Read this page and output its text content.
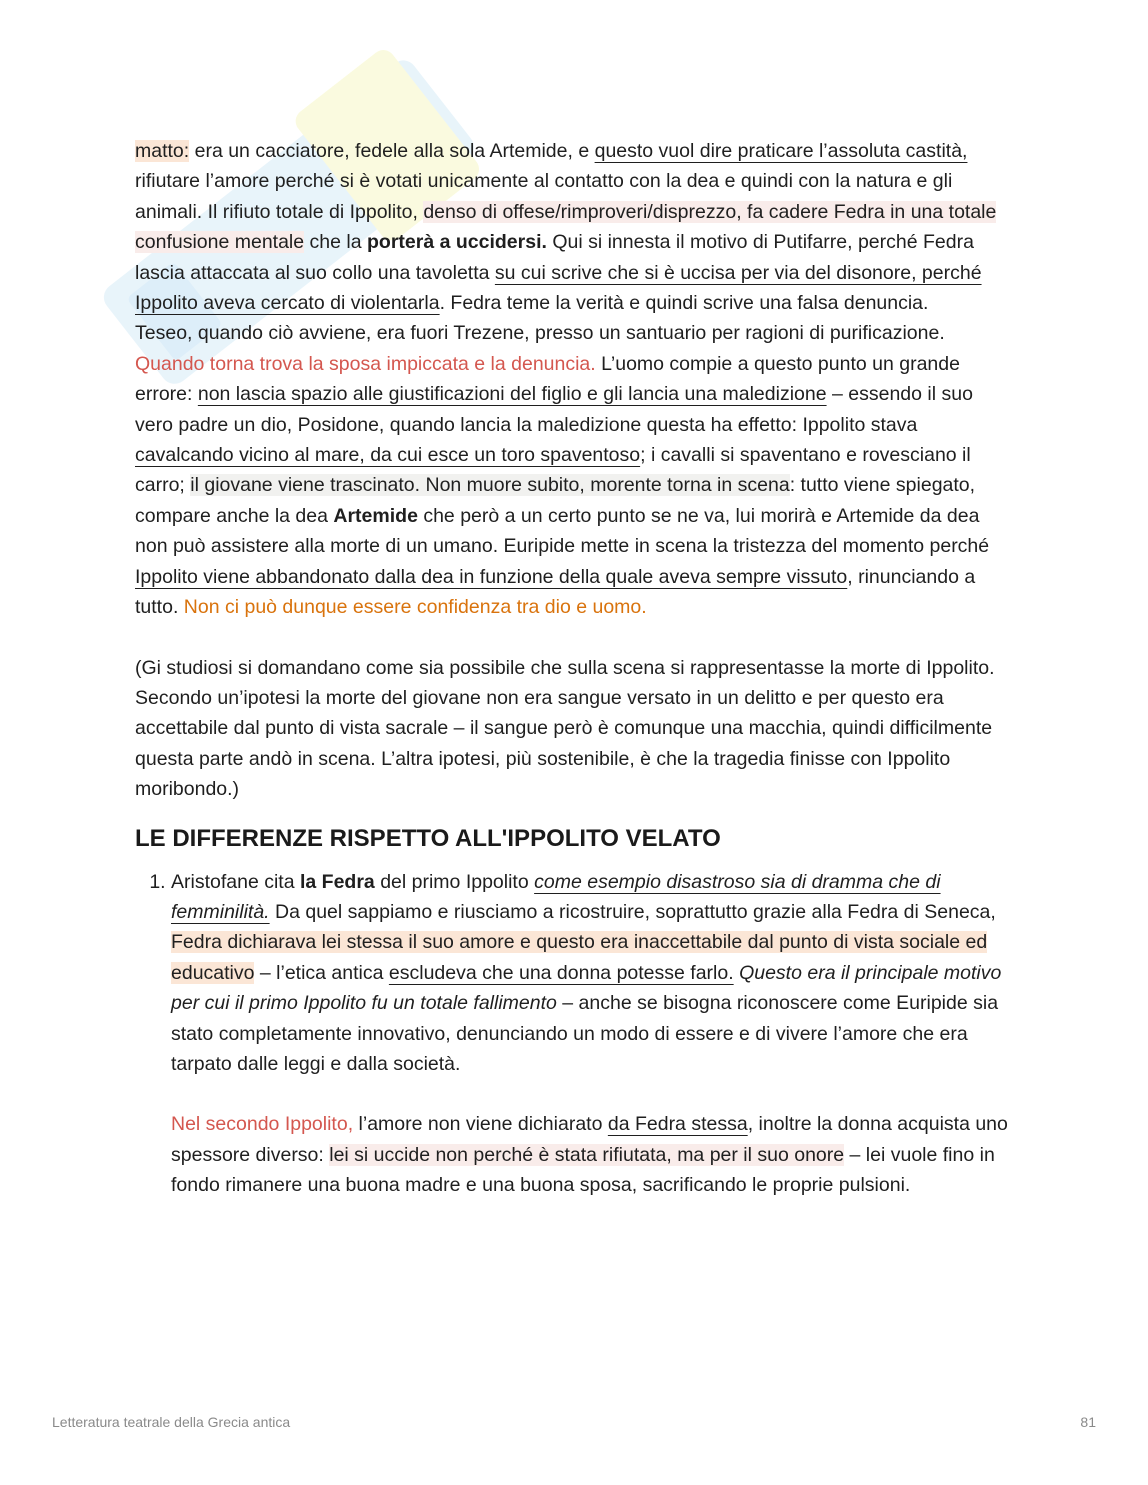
matto: era un cacciatore, fedele alla sola Artemide, e questo vuol dire praticare l’assoluta castità, rifiutare l’amore perché si è votati unicamente al contatto con la dea e quindi con la natura e gli animali. Il rifiuto totale di Ippolito, denso di offese/rimproveri/disprezzo, fa cadere Fedra in una totale confusione mentale che la porterà a uccidersi. Qui si innesta il motivo di Putifarre, perché Fedra lascia attaccata al suo collo una tavoletta su cui scrive che si è uccisa per via del disonore, perché Ippolito aveva cercato di violentarla. Fedra teme la verità e quindi scrive una falsa denuncia.

Teseo, quando ciò avviene, era fuori Trezene, presso un santuario per ragioni di purificazione.

Quando torna trova la sposa impiccata e la denuncia. L’uomo compie a questo punto un grande errore: non lascia spazio alle giustificazioni del figlio e gli lancia una maledizione – essendo il suo vero padre un dio, Posidone, quando lancia la maledizione questa ha effetto: Ippolito stava cavalcando vicino al mare, da cui esce un toro spaventoso; i cavalli si spaventano e rovesciano il carro; il giovane viene trascinato. Non muore subito, morente torna in scena: tutto viene spiegato, compare anche la dea Artemide che però a un certo punto se ne va, lui morirà e Artemide da dea non può assistere alla morte di un umano. Euripide mette in scena la tristezza del momento perché Ippolito viene abbandonato dalla dea in funzione della quale aveva sempre vissuto, rinunciando a tutto. Non ci può dunque essere confidenza tra dio e uomo.

(Gi studiosi si domandano come sia possibile che sulla scena si rappresentasse la morte di Ippolito. Secondo un’ipotesi la morte del giovane non era sangue versato in un delitto e per questo era accettabile dal punto di vista sacrale – il sangue però è comunque una macchia, quindi difficilmente questa parte andò in scena. L’altra ipotesi, più sostenibile, è che la tragedia finisse con Ippolito moribondo.)

LE DIFFERENZE RISPETTO ALL'IPPOLITO VELATO

1. Aristofane cita la Fedra del primo Ippolito come esempio disastroso sia di dramma che di femminilità. Da quel sappiamo e riusciamo a ricostruire, soprattutto grazie alla Fedra di Seneca, Fedra dichiarava lei stessa il suo amore e questo era inaccettabile dal punto di vista sociale ed educativo – l’etica antica escludeva che una donna potesse farlo. Questo era il principale motivo per cui il primo Ippolito fu un totale fallimento – anche se bisogna riconoscere come Euripide sia stato completamente innovativo, denunciando un modo di essere e di vivere l’amore che era tarpato dalle leggi e dalla società.

Nel secondo Ippolito, l’amore non viene dichiarato da Fedra stessa, inoltre la donna acquista uno spessore diverso: lei si uccide non perché è stata rifiutata, ma per il suo onore – lei vuole fino in fondo rimanere una buona madre e una buona sposa, sacrificando le proprie pulsioni.

Letteratura teatrale della Grecia antica	81
